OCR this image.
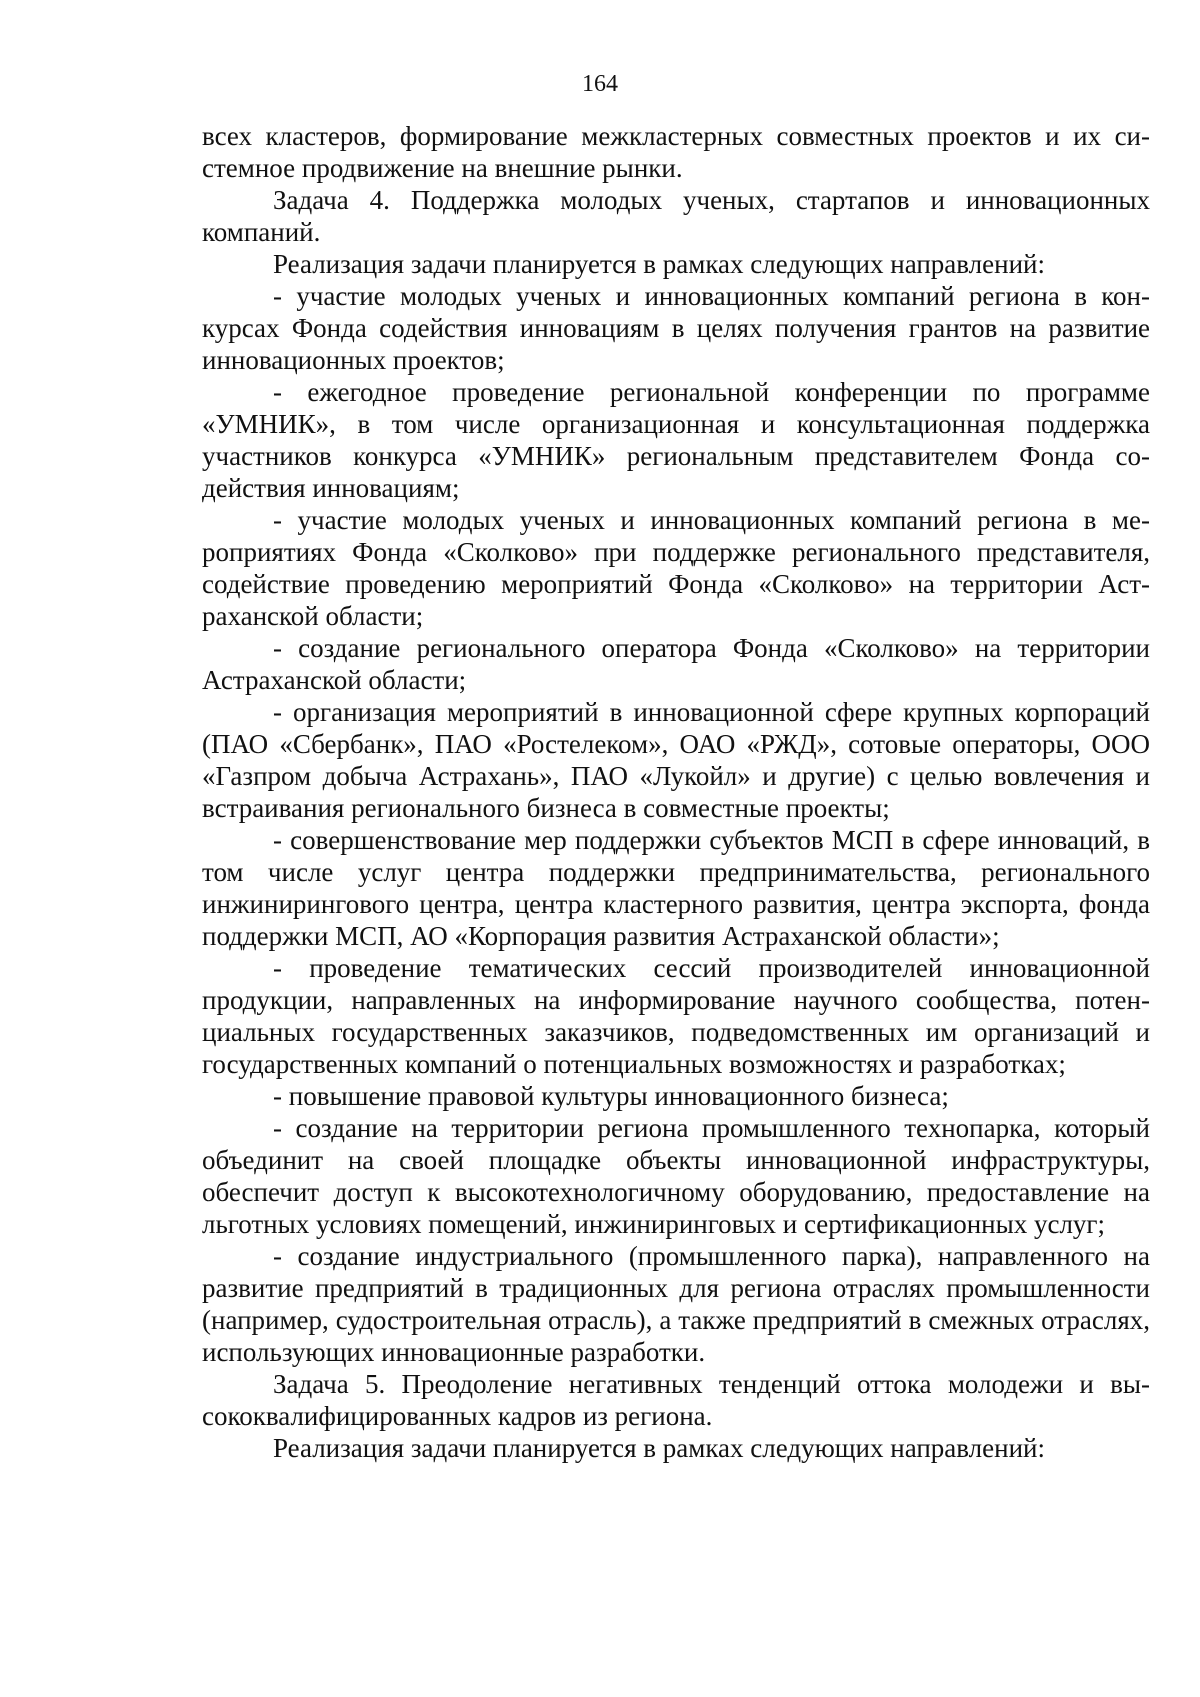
164

всех кластеров, формирование межкластерных совместных проектов и их системное продвижение на внешние рынки.

Задача 4. Поддержка молодых ученых, стартапов и инновационных компаний.

Реализация задачи планируется в рамках следующих направлений:

- участие молодых ученых и инновационных компаний региона в конкурсах Фонда содействия инновациям в целях получения грантов на развитие инновационных проектов;

- ежегодное проведение региональной конференции по программе «УМНИК», в том числе организационная и консультационная поддержка участников конкурса «УМНИК» региональным представителем Фонда содействия инновациям;

- участие молодых ученых и инновационных компаний региона в мероприятиях Фонда «Сколково» при поддержке регионального представителя, содействие проведению мероприятий Фонда «Сколково» на территории Астраханской области;

- создание регионального оператора Фонда «Сколково» на территории Астраханской области;

- организация мероприятий в инновационной сфере крупных корпораций (ПАО «Сбербанк», ПАО «Ростелеком», ОАО «РЖД», сотовые операторы, ООО «Газпром добыча Астрахань», ПАО «Лукойл» и другие) с целью вовлечения и встраивания регионального бизнеса в совместные проекты;

- совершенствование мер поддержки субъектов МСП в сфере инноваций, в том числе услуг центра поддержки предпринимательства, регионального инжинирингового центра, центра кластерного развития, центра экспорта, фонда поддержки МСП, АО «Корпорация развития Астраханской области»;

- проведение тематических сессий производителей инновационной продукции, направленных на информирование научного сообщества, потенциальных государственных заказчиков, подведомственных им организаций и государственных компаний о потенциальных возможностях и разработках;

- повышение правовой культуры инновационного бизнеса;

- создание на территории региона промышленного технопарка, который объединит на своей площадке объекты инновационной инфраструктуры, обеспечит доступ к высокотехнологичному оборудованию, предоставление на льготных условиях помещений, инжиниринговых и сертификационных услуг;

- создание индустриального (промышленного парка), направленного на развитие предприятий в традиционных для региона отраслях промышленности (например, судостроительная отрасль), а также предприятий в смежных отраслях, использующих инновационные разработки.

Задача 5. Преодоление негативных тенденций оттока молодежи и высококвалифицированных кадров из региона.

Реализация задачи планируется в рамках следующих направлений:
